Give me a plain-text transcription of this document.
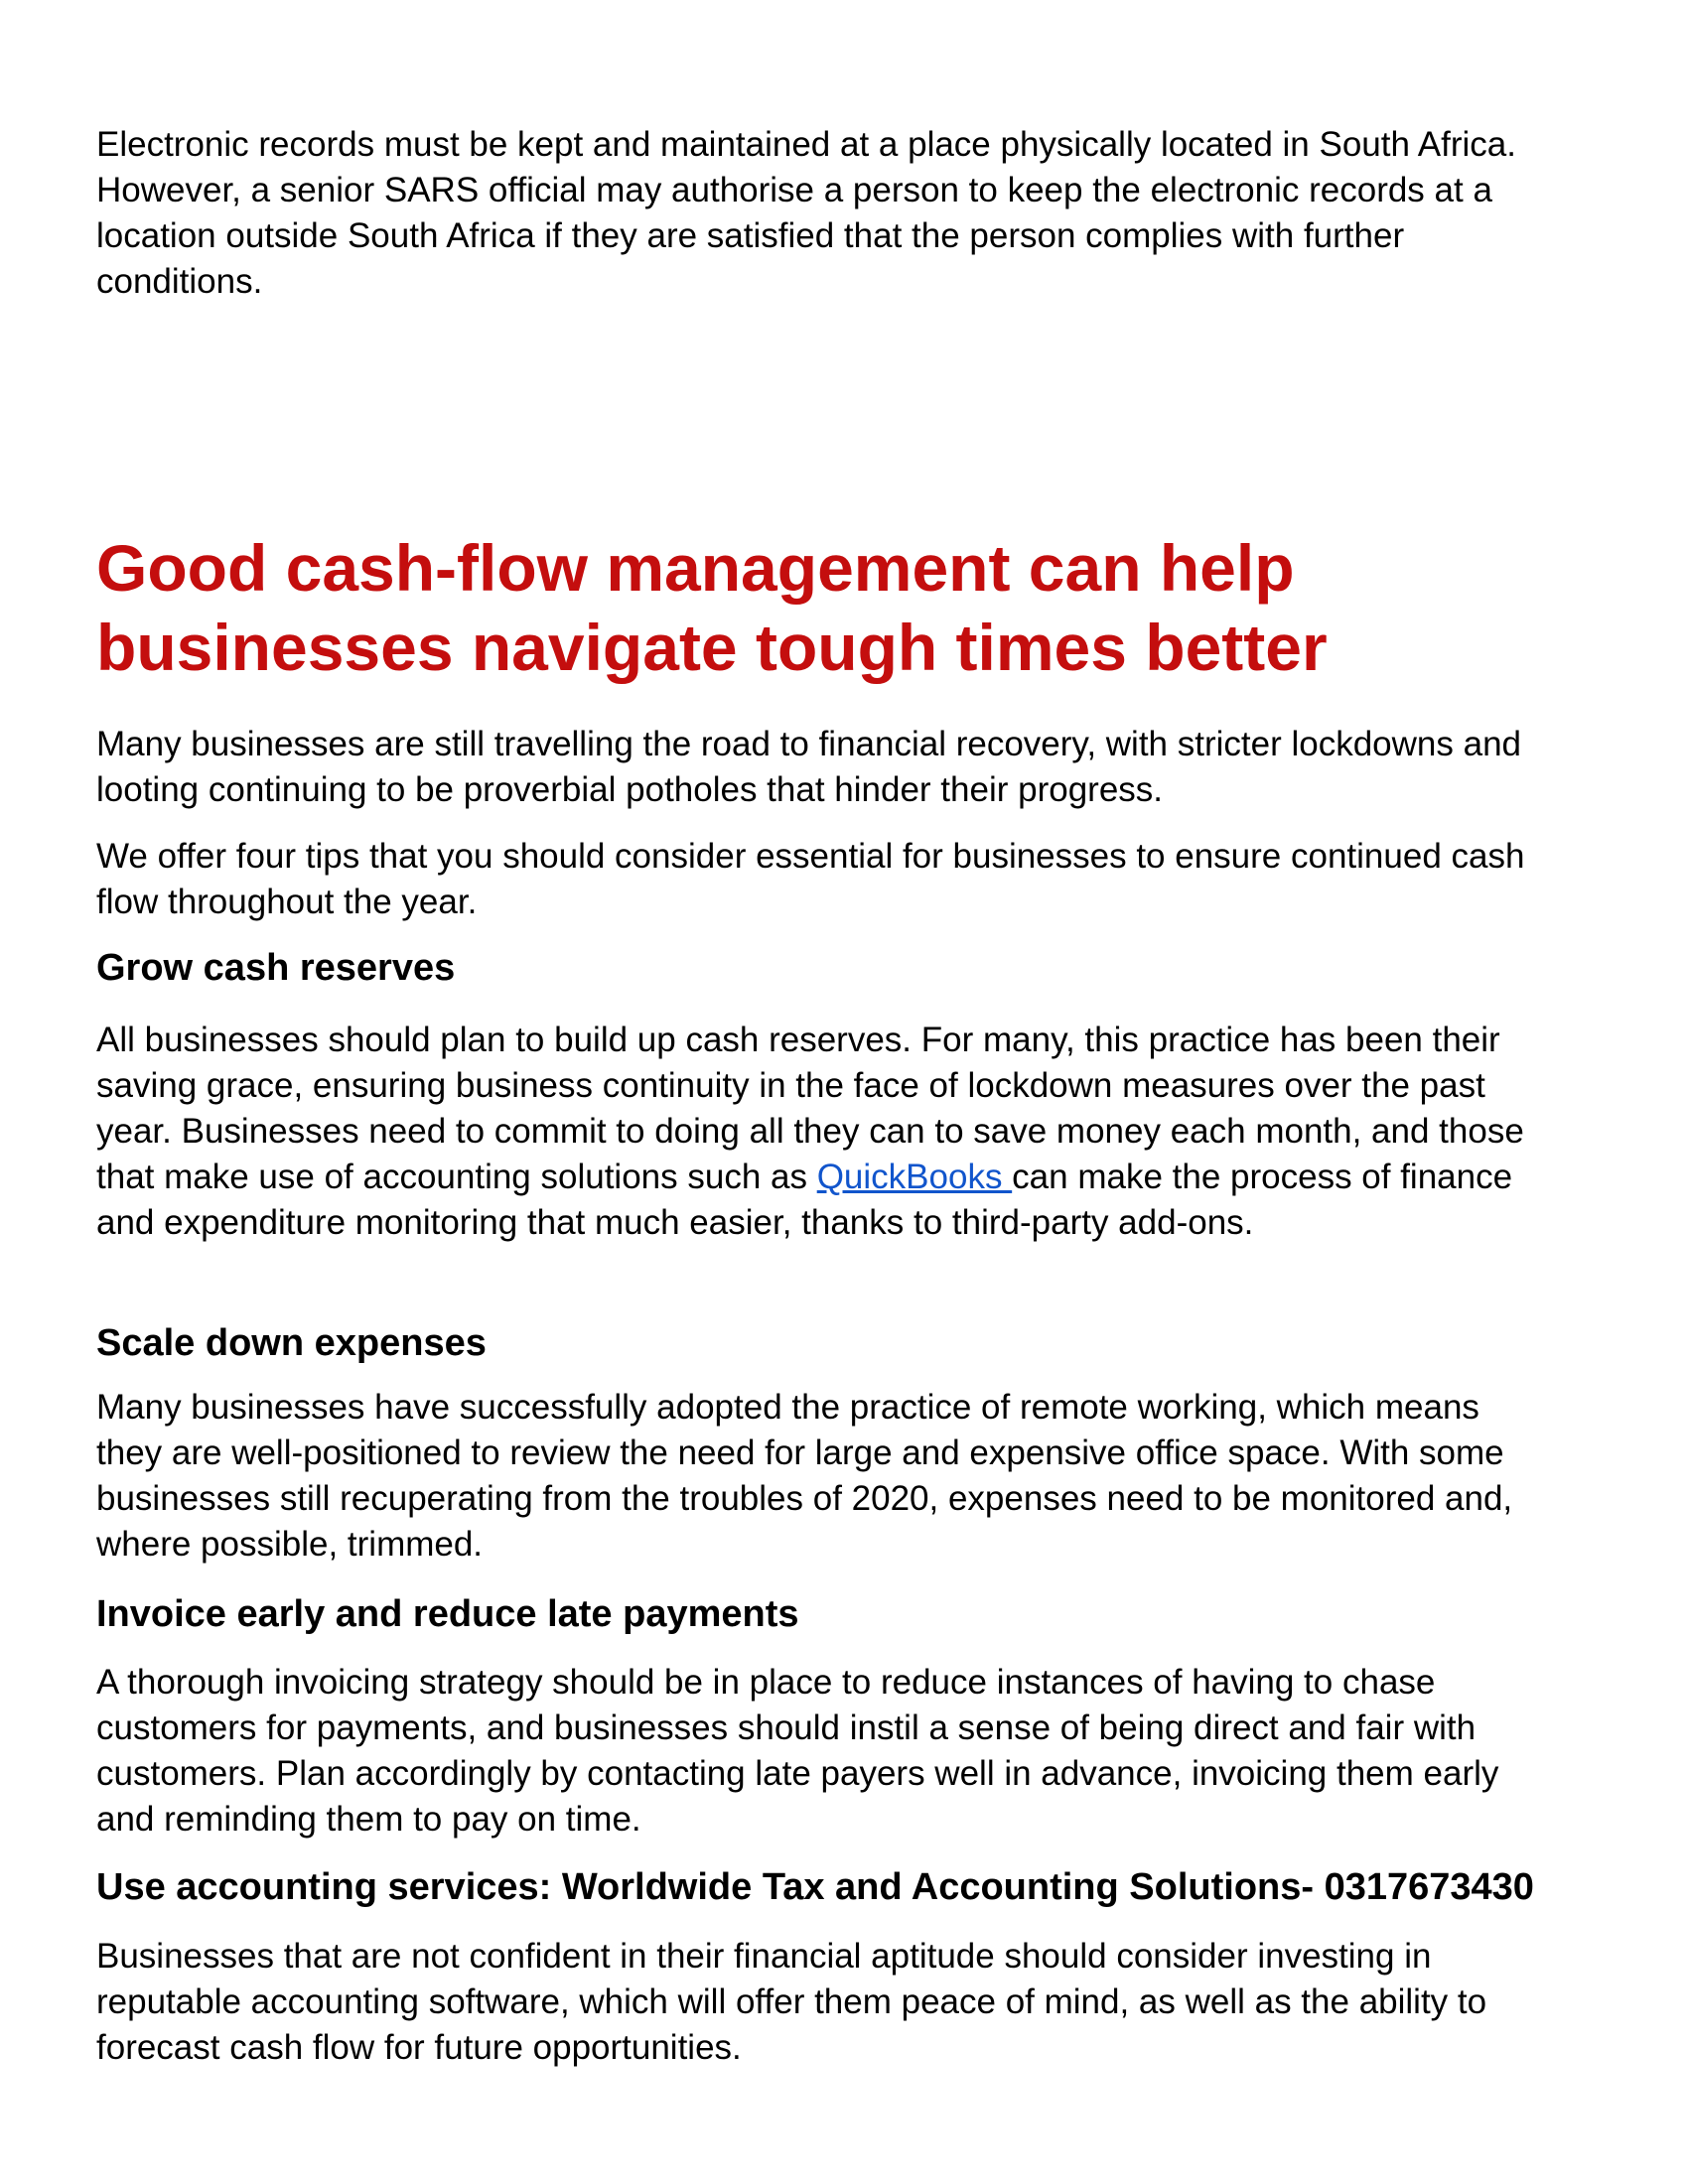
Electronic records must be kept and maintained at a place physically located in South Africa. However, a senior SARS official may authorise a person to keep the electronic records at a location outside South Africa if they are satisfied that the person complies with further conditions.

Good cash-flow management can help businesses navigate tough times better

Many businesses are still travelling the road to financial recovery, with stricter lockdowns and looting continuing to be proverbial potholes that hinder their progress.

We offer four tips that you should consider essential for businesses to ensure continued cash flow throughout the year.

Grow cash reserves

All businesses should plan to build up cash reserves. For many, this practice has been their saving grace, ensuring business continuity in the face of lockdown measures over the past year. Businesses need to commit to doing all they can to save money each month, and those that make use of accounting solutions such as QuickBooks can make the process of finance and expenditure monitoring that much easier, thanks to third-party add-ons.

Scale down expenses

Many businesses have successfully adopted the practice of remote working, which means they are well-positioned to review the need for large and expensive office space. With some businesses still recuperating from the troubles of 2020, expenses need to be monitored and, where possible, trimmed.

Invoice early and reduce late payments

A thorough invoicing strategy should be in place to reduce instances of having to chase customers for payments, and businesses should instil a sense of being direct and fair with customers. Plan accordingly by contacting late payers well in advance, invoicing them early and reminding them to pay on time.

Use accounting services: Worldwide Tax and Accounting Solutions- 0317673430

Businesses that are not confident in their financial aptitude should consider investing in reputable accounting software, which will offer them peace of mind, as well as the ability to forecast cash flow for future opportunities.
